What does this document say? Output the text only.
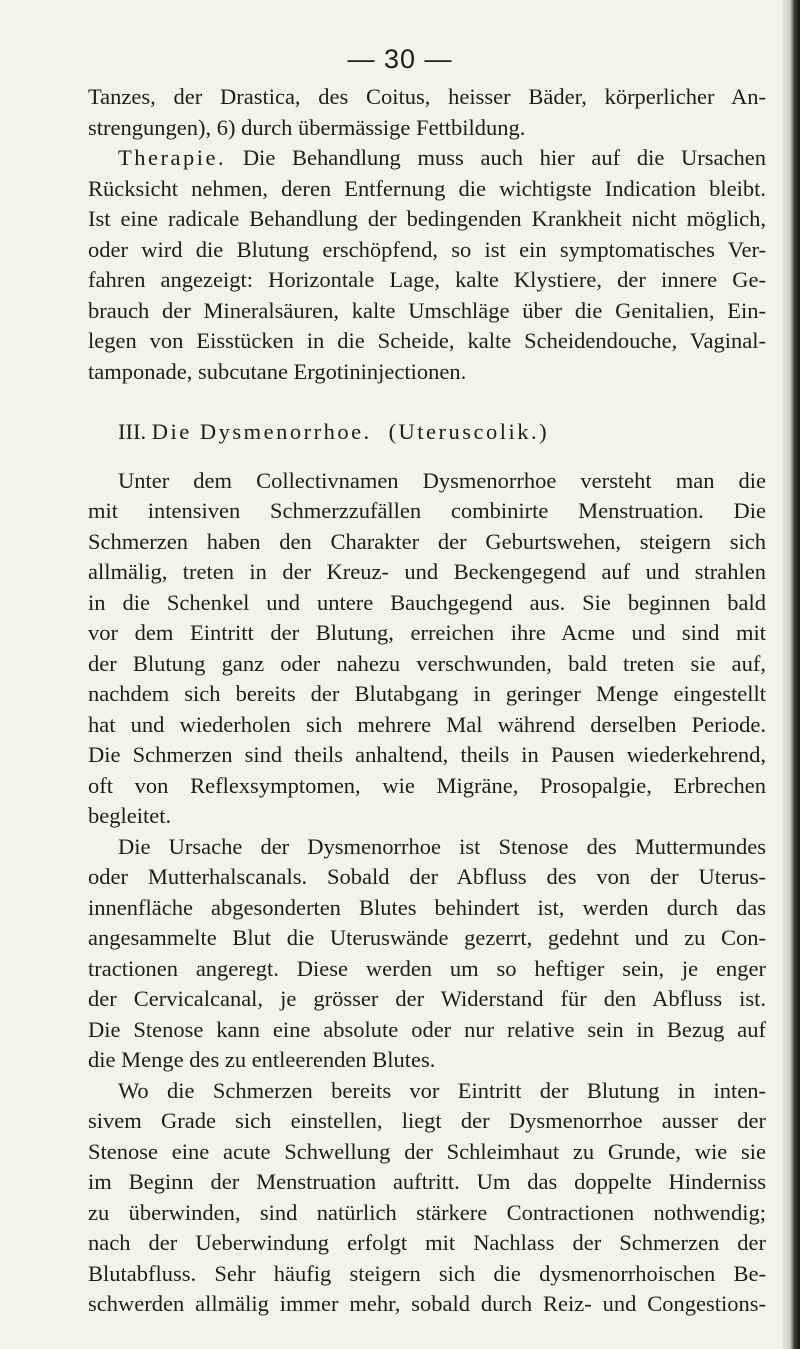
— 30 —
Tanzes, der Drastica, des Coitus, heisser Bäder, körperlicher An-
strengungen), 6) durch übermässige Fettbildung.
Therapie. Die Behandlung muss auch hier auf die Ursachen
Rücksicht nehmen, deren Entfernung die wichtigste Indication bleibt.
Ist eine radicale Behandlung der bedingenden Krankheit nicht möglich,
oder wird die Blutung erschöpfend, so ist ein symptomatisches Ver-
fahren angezeigt: Horizontale Lage, kalte Klystiere, der innere Ge-
brauch der Mineralsäuren, kalte Umschläge über die Genitalien, Ein-
legen von Eisstücken in die Scheide, kalte Scheidendouche, Vaginal-
tamponade, subcutane Ergotininjectionen.
III. Die Dysmenorrhoe. (Uteruscolik.)
Unter dem Collectivnamen Dysmenorrhoe versteht man die
mit intensiven Schmerzzufällen combinirte Menstruation. Die
Schmerzen haben den Charakter der Geburtswehen, steigern sich
allmälig, treten in der Kreuz- und Beckengegend auf und strahlen
in die Schenkel und untere Bauchgegend aus. Sie beginnen bald
vor dem Eintritt der Blutung, erreichen ihre Acme und sind mit
der Blutung ganz oder nahezu verschwunden, bald treten sie auf,
nachdem sich bereits der Blutabgang in geringer Menge eingestellt
hat und wiederholen sich mehrere Mal während derselben Periode.
Die Schmerzen sind theils anhaltend, theils in Pausen wiederkehrend,
oft von Reflexsymptomen, wie Migräne, Prosopalgie, Erbrechen
begleitet.
Die Ursache der Dysmenorrhoe ist Stenose des Muttermundes
oder Mutterhalscanals. Sobald der Abfluss des von der Uterus-
innenfläche abgesonderten Blutes behindert ist, werden durch das
angesammelte Blut die Uteruswände gezerrt, gedehnt und zu Con-
tractionen angeregt. Diese werden um so heftiger sein, je enger
der Cervicalcanal, je grösser der Widerstand für den Abfluss ist.
Die Stenose kann eine absolute oder nur relative sein in Bezug auf
die Menge des zu entleerenden Blutes.
Wo die Schmerzen bereits vor Eintritt der Blutung in inten-
sivem Grade sich einstellen, liegt der Dysmenorrhoe ausser der
Stenose eine acute Schwellung der Schleimhaut zu Grunde, wie sie
im Beginn der Menstruation auftritt. Um das doppelte Hinderniss
zu überwinden, sind natürlich stärkere Contractionen nothwendig;
nach der Ueberwindung erfolgt mit Nachlass der Schmerzen der
Blutabfluss. Sehr häufig steigern sich die dysmenorrhoischen Be-
schwerden allmälig immer mehr, sobald durch Reiz- und Congestions-
